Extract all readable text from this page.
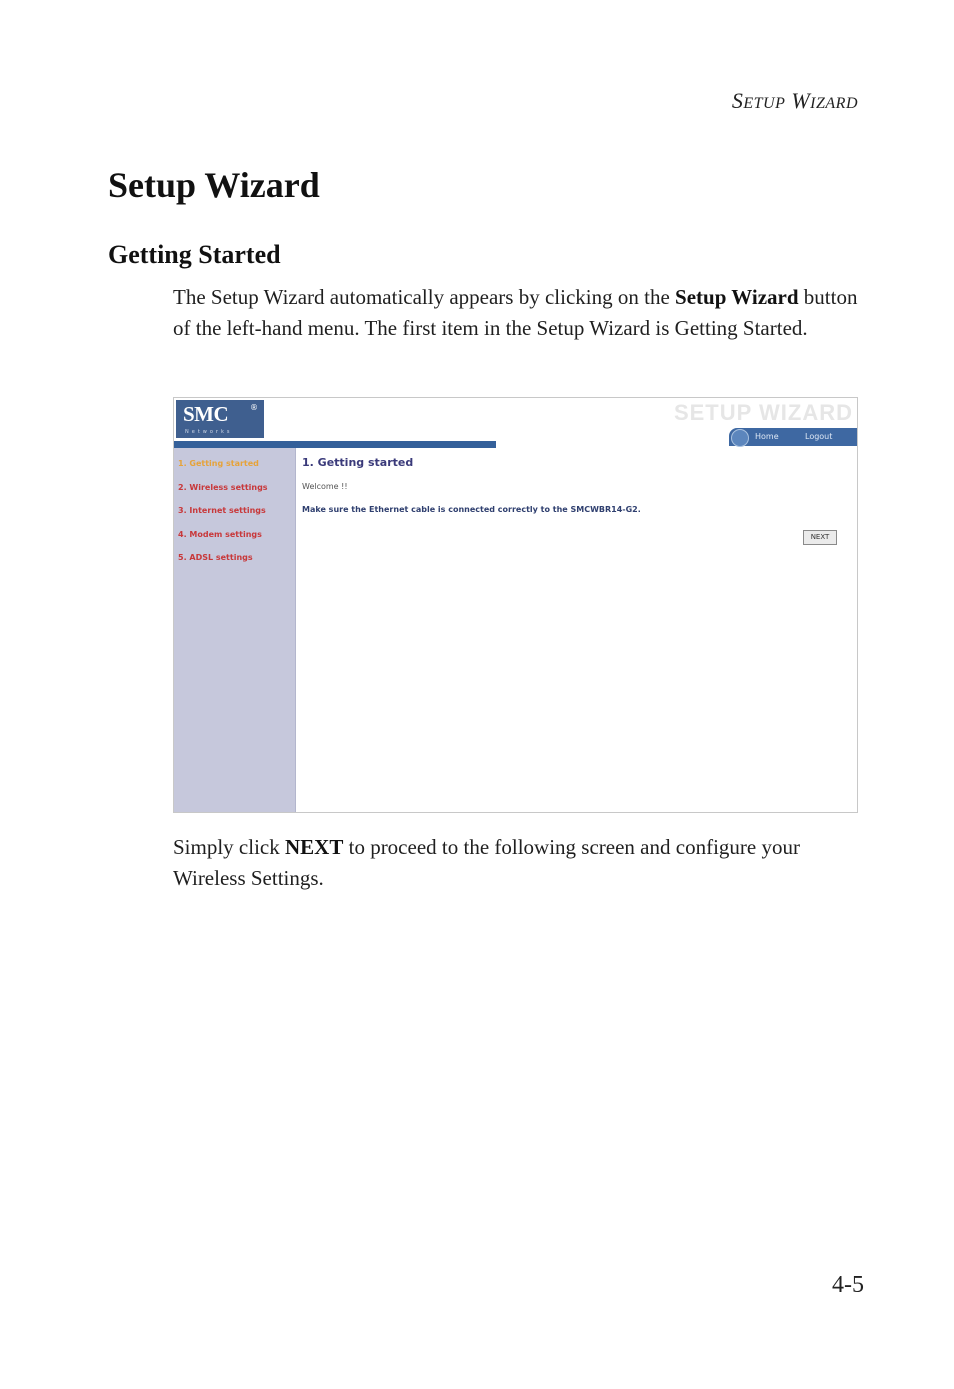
SETUP WIZARD
Setup Wizard
Getting Started

The Setup Wizard automatically appears by clicking on the Setup Wizard button of the left-hand menu. The first item in the Setup Wizard is Getting Started.

SMC	®
Networks
SETUP WIZARD
Home	Logout
1. Getting started
2. Wireless settings
3. Internet settings
4. Modem settings
5. ADSL settings
1. Getting started
Welcome !!
Make sure the Ethernet cable is connected correctly to the SMCWBR14-G2.
NEXT

Simply click NEXT to proceed to the following screen and configure your Wireless Settings.

4-5
